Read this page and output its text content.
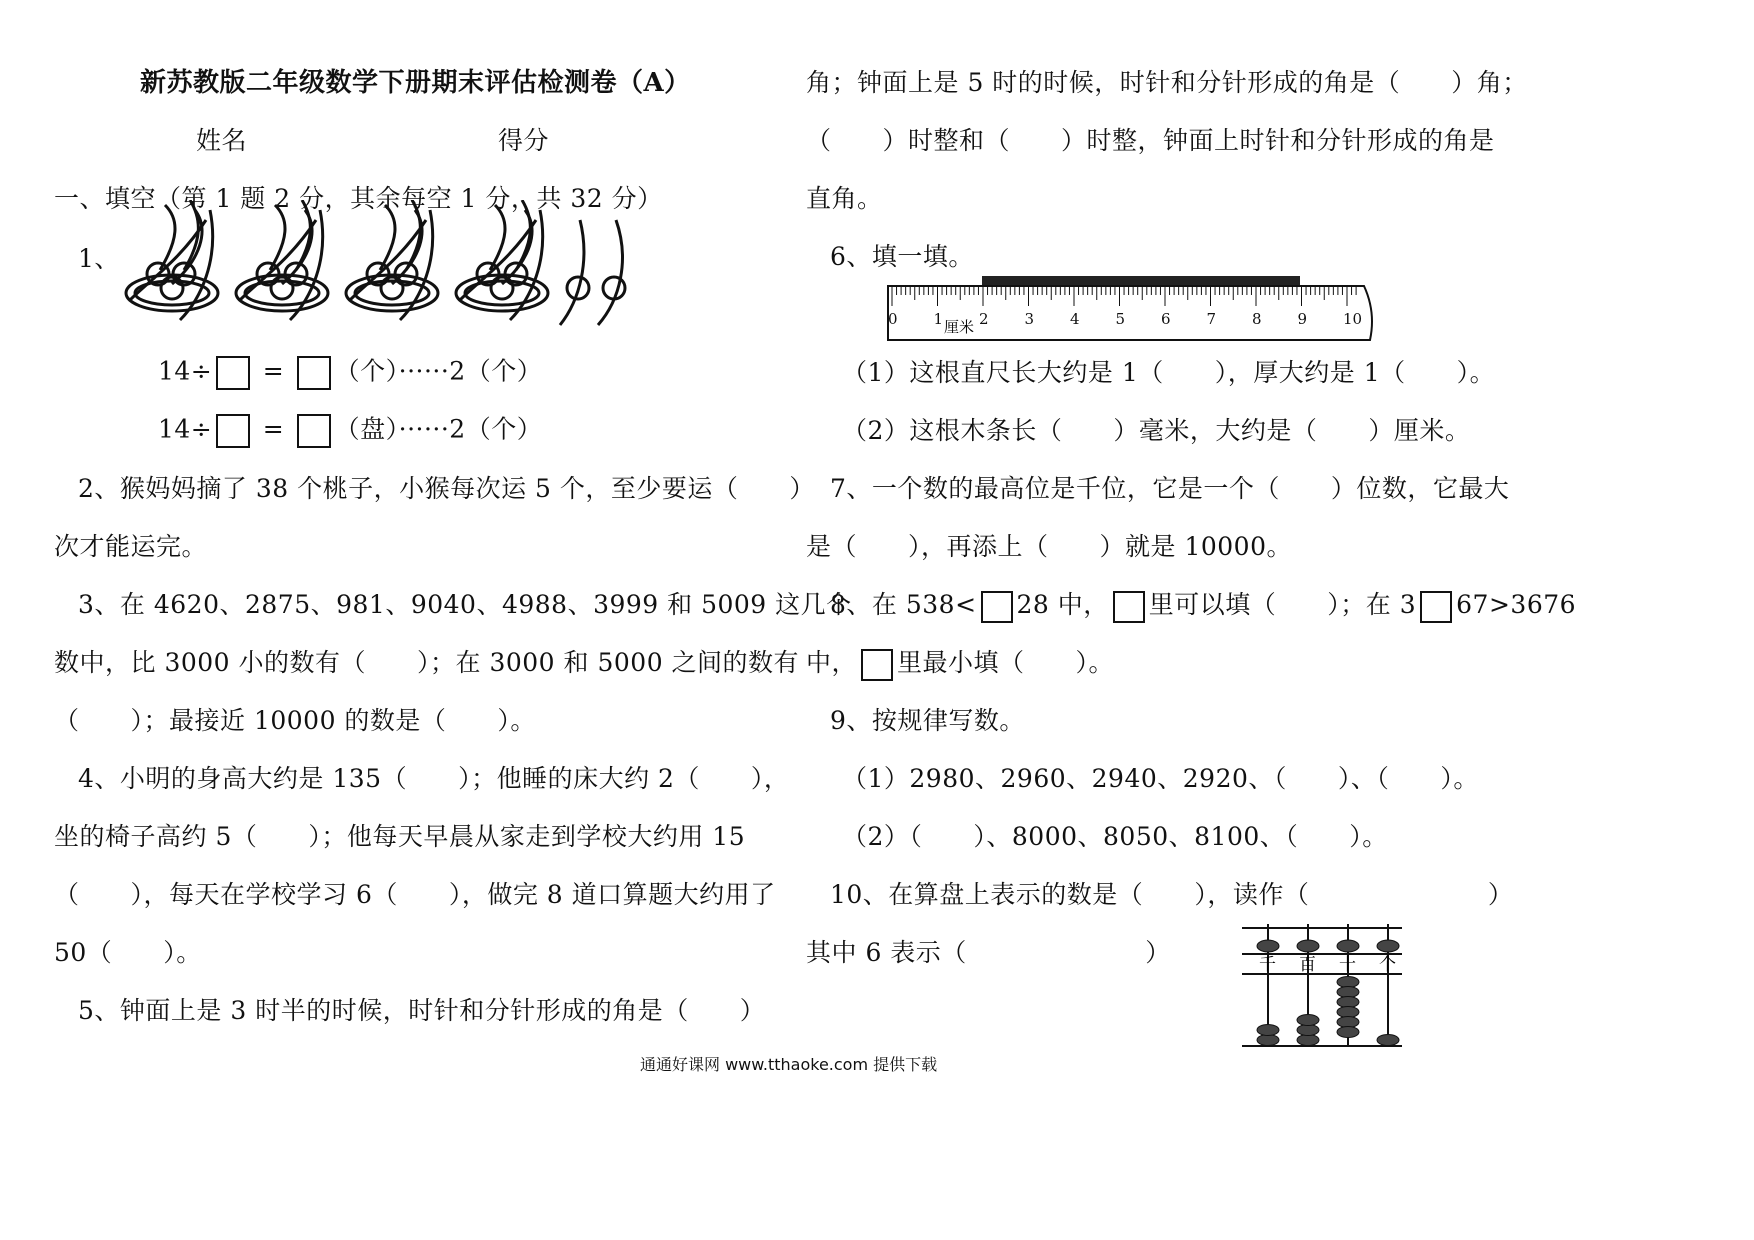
新苏教版二年级数学下册期末评估检测卷（A）
姓名	得分
一、填空（第 1 题 2 分，其余每空 1 分，共 32 分）
1、
14÷ = （个）······2（个）
14÷ = （盘）······2（个）
2、猴妈妈摘了 38 个桃子，小猴每次运 5 个，至少要运（　　）
次才能运完。
3、在 4620、2875、981、9040、4988、3999 和 5009 这几个
数中，比 3000 小的数有（　　）；在 3000 和 5000 之间的数有
（　　）；最接近 10000 的数是（　　）。
4、小明的身高大约是 135（　　）；他睡的床大约 2（　　），
坐的椅子高约 5（　　）；他每天早晨从家走到学校大约用 15
（　　），每天在学校学习 6（　　），做完 8 道口算题大约用了
50（　　）。
5、钟面上是 3 时半的时候，时针和分针形成的角是（　　）
角；钟面上是 5 时的时候，时针和分针形成的角是（　　）角；
（　　）时整和（　　）时整，钟面上时针和分针形成的角是
直角。
6、填一填。
0 1 2 3 4 5 6 7 8 9 10
厘米
（1）这根直尺长大约是 1（　　），厚大约是 1（　　）。
（2）这根木条长（　　）毫米，大约是（　　）厘米。
7、一个数的最高位是千位，它是一个（　　）位数，它最大
是（　　），再添上（　　）就是 10000。
8、在 538< 28 中， 里可以填（　　）；在 3 67>3676
中， 里最小填（　　）。
9、按规律写数。
（1）2980、2960、2940、2920、（　　）、（　　）。
（2）（　　）、8000、8050、8100、（　　）。
10、在算盘上表示的数是（　　），读作（　　　　　　　）
其中 6 表示（　　　　　　　）	千 百 十 个
通通好课网 www.tthaoke.com 提供下载
